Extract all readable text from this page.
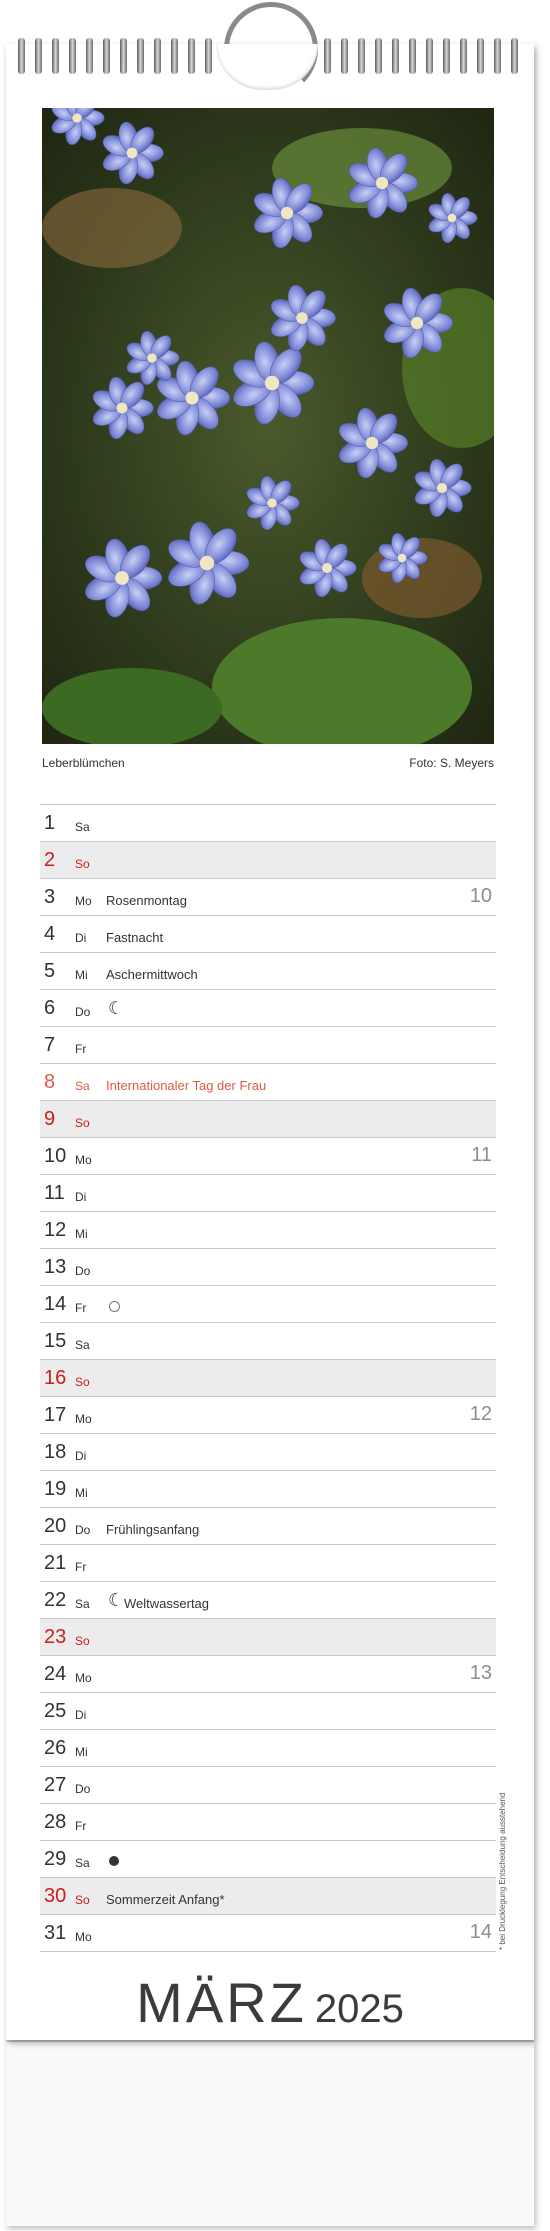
Leberblümchen	Foto: S. Meyers
1	Sa
2	So
3	Mo Rosenmontag	10
4	Di Fastnacht
5	Mi Aschermittwoch
6	Do ☽
7	Fr
8	Sa Internationaler Tag der Frau
9	So
10 Mo	11
11 Di
12 Mi
13 Do
14 Fr
15 Sa
16 So
17 Mo	12
18 Di
19 Mi
20 Do Frühlingsanfang
21 Fr
22 Sa ☾ Weltwassertag
23 So
24 Mo	13
25 Di
26 Mi
27 Do
28 Fr
29 Sa
30 So Sommerzeit Anfang*
31 Mo	14
MÄRZ 2025
